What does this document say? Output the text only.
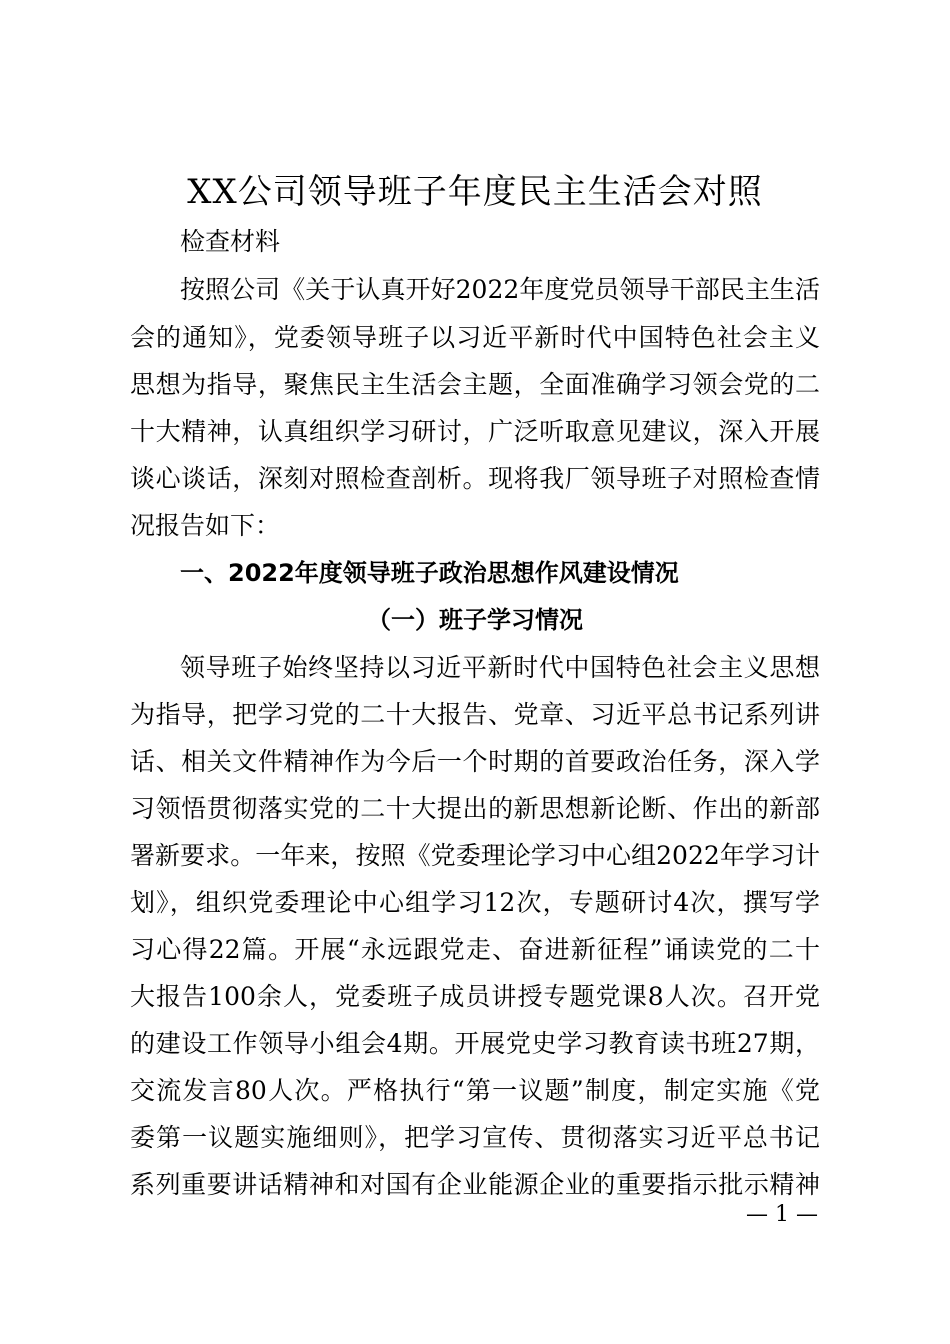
XX公司领导班子年度民主生活会对照
检查材料
按照公司《关于认真开好2022年度党员领导干部民主生活
会的通知》，党委领导班子以习近平新时代中国特色社会主义
思想为指导，聚焦民主生活会主题，全面准确学习领会党的二
十大精神，认真组织学习研讨，广泛听取意见建议，深入开展
谈心谈话，深刻对照检查剖析。现将我厂领导班子对照检查情
况报告如下：
一、2022年度领导班子政治思想作风建设情况
（一）班子学习情况
领导班子始终坚持以习近平新时代中国特色社会主义思想
为指导，把学习党的二十大报告、党章、习近平总书记系列讲
话、相关文件精神作为今后一个时期的首要政治任务，深入学
习领悟贯彻落实党的二十大提出的新思想新论断、作出的新部
署新要求。一年来，按照《党委理论学习中心组2022年学习计
划》，组织党委理论中心组学习12次，专题研讨4次，撰写学
习心得22篇。开展“永远跟党走、奋进新征程”诵读党的二十
大报告100余人，党委班子成员讲授专题党课8人次。召开党
的建设工作领导小组会4期。开展党史学习教育读书班27期，
交流发言80人次。严格执行“第一议题”制度，制定实施《党
委第一议题实施细则》，把学习宣传、贯彻落实习近平总书记
系列重要讲话精神和对国有企业能源企业的重要指示批示精神
— 1 —
